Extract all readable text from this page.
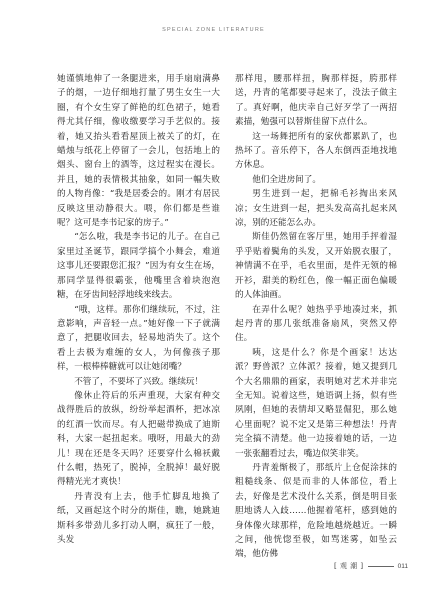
SPECIAL ZONE LITERATURE

她谨慎地伸了一条腿进来，用手扇扇满鼻子的烟，一边仔细地打量了男生女生一大圈，有个女生穿了鲜艳的红色裙子，她看得尤其仔细，像收缴要学习手艺似的。接着，她又抬头看看屋顶上被关了的灯，在蜡烛与纸花上停留了一会儿，包括地上的烟头、窗台上的酒等，这过程实在漫长。并且，她的表情极其抽象，如同一幅失败的人物肖像：“我是居委会的。刚才有居民反映这里动静很大。喂，你们都是些谁呢？这可是李书记家的房子。”

“怎么啦，我是李书记的儿子。在自己家里过圣诞节，跟同学搞个小舞会，难道这事儿还要跟您汇报？”因为有女生在场，那同学显得很霸张，他嘴里含着块泡泡糖，在牙齿间轻浮地线来线去。

“哦，这样。那你们继续玩，不过，注意影响，声音轻一点。”她好像一下子就满意了，把腿收回去，轻易地消失了。这个看上去极为难缠的女人，为何像孩子那样，一根棒棒糖就可以让她闭嘴？

不管了，不要坏了兴致。继续玩！

像休止符后的乐声重现，大家有种交战得胜后的放纵，纷纷举起酒杯，把冰凉的红酒一饮而尽。有人把磁带换成了迪斯科，大家一起扭起来。哦呀，用最大的劲儿！现在还是冬天吗？还要穿什么棉袄戴什么帽，热死了，脱掉，全脱掉！最好脱得精光光才爽快！

丹青没有上去，他手忙脚乱地换了纸，又画起这个时分的斯佳，瞧，她跳迪斯科多带劲儿多打动人啊，疯狂了一般，头发

那样甩，腰那样扭，胸那样挺，胯那样送，丹青的笔都要寻起来了，没法子做主了。真好啊，他庆幸自己好歹学了一两招素描，勉强可以替斯佳留下点什么。

这一场舞把所有的家伙都累趴了，也热坏了。音乐停下，各人东倒西歪地找地方休息。

他们全进房间了。

男生进到一起，把棉毛衫掏出来风凉；女生进到一起，把头发高高扎起来风凉，别的还能怎么办。

斯佳仍然留在客厅里，她用手抨着湿乎乎贴着鬓角的头发，又开始脱衣服了，神情满不在乎，毛衣里面，是件无领的棉开衫，甜美的粉红色，像一幅正面色偏暖的人体油画。

在弄什么呢？她热乎乎地凑过来，抓起丹青的那几张纸准备扇风，突然又停住。

咦，这是什么？你是个画家！达达派？野兽派？立体派？接着，她又提到几个大名鼎鼎的画家，表明她对艺术并非完全无知。说着这些，她语调上扬，似有些夙刚，但她的表情却又略显倔犯，那么她心里面呢？说不定又是第三种想法！丹青完全搞不清楚。他一边接着她的话，一边一张张翻看过去，嘴边似笑非笑。

丹青羞惭极了，那纸片上仓促涂抹的粗糙线条、似是而非的人体部位，看上去，好像是艺术没什么关系，倒是明目张胆地诱人入歧……他握着笔杆，感到她的身体像火球那样，危险地越烧越近。一瞬之间，他恍惚至极，如骂迷雾，如坠云端，他仿佛

[ 观 潮 ]	011
